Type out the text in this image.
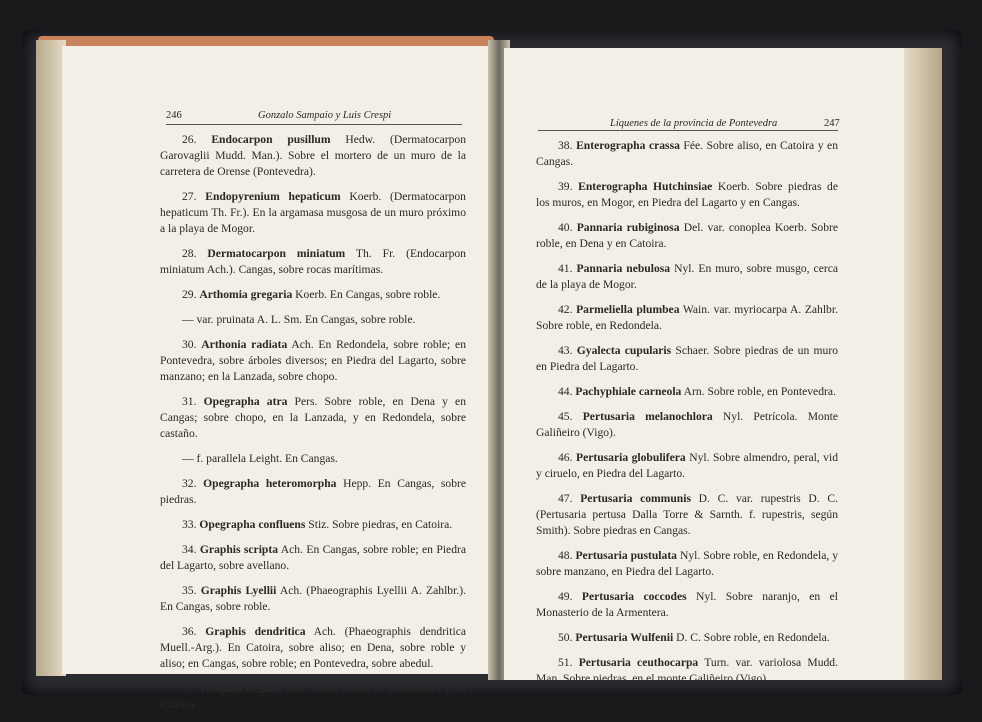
246	Gonzalo Sampaio y Luis Crespi

26. Endocarpon pusillum Hedw. (Dermatocarpon Garovaglii Mudd. Man.). Sobre el mortero de un muro de la carretera de Orense (Pontevedra).

27. Endopyrenium hepaticum Koerb. (Dermatocarpon hepaticum Th. Fr.). En la argamasa musgosa de un muro próximo a la playa de Mogor.

28. Dermatocarpon miniatum Th. Fr. (Endocarpon miniatum Ach.). Cangas, sobre rocas marítimas.

29. Arthomia gregaria Koerb. En Cangas, sobre roble.

— var. pruinata A. L. Sm. En Cangas, sobre roble.

30. Arthonia radiata Ach. En Redondela, sobre roble; en Pontevedra, sobre árboles diversos; en Piedra del Lagarto, sobre manzano; en la Lanzada, sobre chopo.

31. Opegrapha atra Pers. Sobre roble, en Dena y en Cangas; sobre chopo, en la Lanzada, y en Redondela, sobre castaño.

— f. parallela Leight. En Cangas.

32. Opegrapha heteromorpha Hepp. En Cangas, sobre piedras.

33. Opegrapha confluens Stiz. Sobre piedras, en Catoira.

34. Graphis scripta Ach. En Cangas, sobre roble; en Piedra del Lagarto, sobre avellano.

35. Graphis Lyellii Ach. (Phaeographis Lyellii A. Zahlbr.). En Cangas, sobre roble.

36. Graphis dendritica Ach. (Phaeographis dendritica Muell.-Arg.). En Catoira, sobre aliso; en Dena, sobre roble y aliso; en Cangas, sobre roble; en Pontevedra, sobre abedul.

37. Graphis elegans Ach. Sobre roble, en Pontevedra y en Catoira.

Líquenes de la provincia de Pontevedra	247

38. Enterographa crassa Fée. Sobre aliso, en Catoira y en Cangas.

39. Enterographa Hutchinsiae Koerb. Sobre piedras de los muros, en Mogor, en Piedra del Lagarto y en Cangas.

40. Pannaria rubiginosa Del. var. conoplea Koerb. Sobre roble, en Dena y en Catoira.

41. Pannaria nebulosa Nyl. En muro, sobre musgo, cerca de la playa de Mogor.

42. Parmeliella plumbea Wain. var. myriocarpa A. Zahlbr. Sobre roble, en Redondela.

43. Gyalecta cupularis Schaer. Sobre piedras de un muro en Piedra del Lagarto.

44. Pachyphiale carneola Arn. Sobre roble, en Pontevedra.

45. Pertusaria melanochlora Nyl. Petrícola. Monte Galiñeiro (Vigo).

46. Pertusaria globulifera Nyl. Sobre almendro, peral, vid y ciruelo, en Piedra del Lagarto.

47. Pertusaria communis D. C. var. rupestris D. C. (Pertusaria pertusa Dalla Torre & Sarnth. f. rupestris, según Smith). Sobre piedras en Cangas.

48. Pertusaria pustulata Nyl. Sobre roble, en Redondela, y sobre manzano, en Piedra del Lagarto.

49. Pertusaria coccodes Nyl. Sobre naranjo, en el Monasterio de la Armentera.

50. Pertusaria Wulfenii D. C. Sobre roble, en Redondela.

51. Pertusaria ceuthocarpa Turn. var. variolosa Mudd. Man. Sobre piedras, en el monte Galiñeiro (Vigo).
